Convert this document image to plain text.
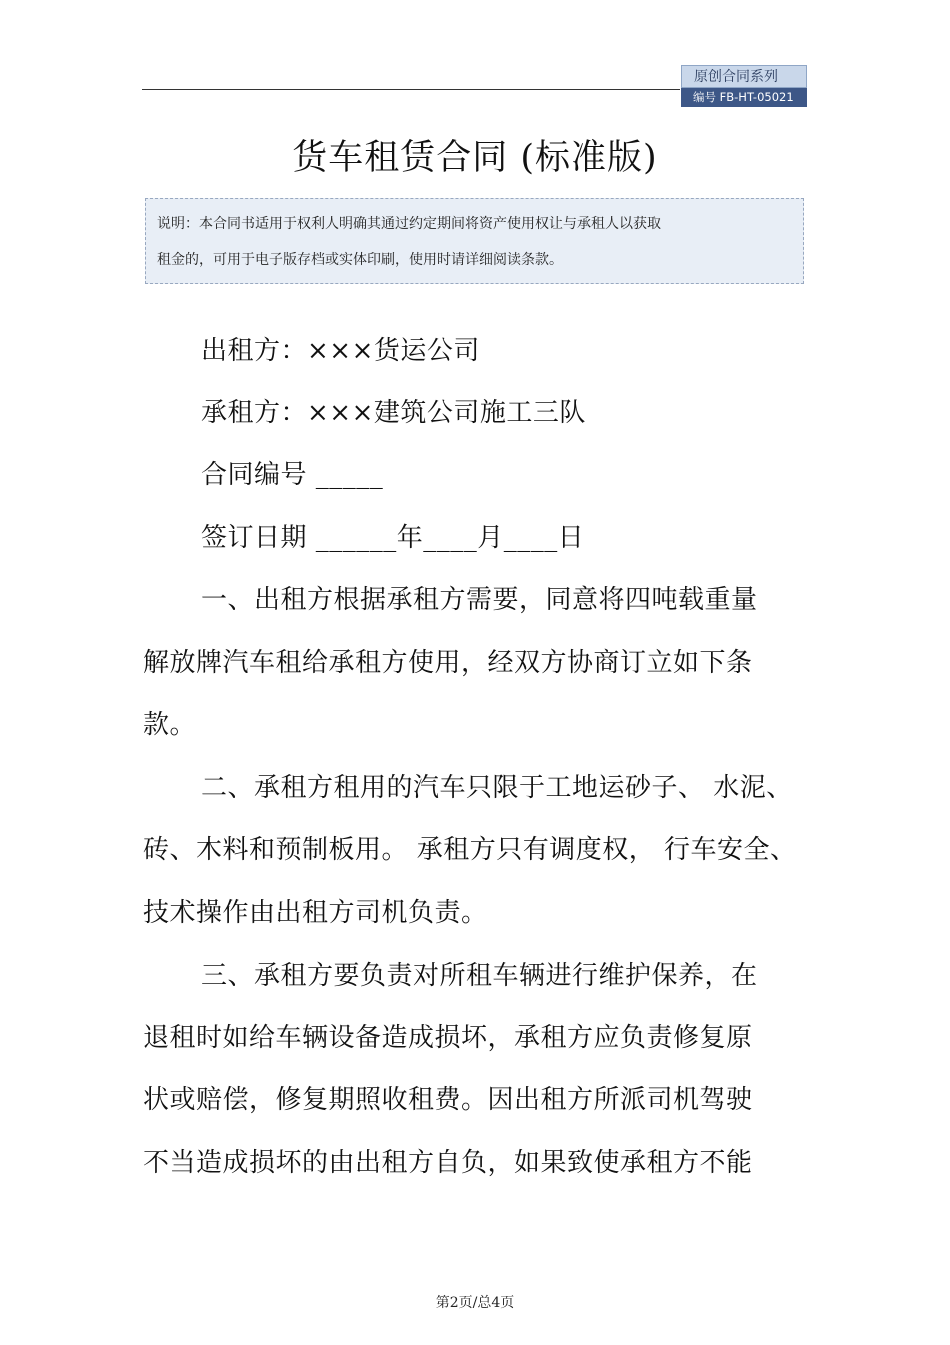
原创合同系列
编号 FB-HT-05021
货车租赁合同 (标准版)
说明：本合同书适用于权利人明确其通过约定期间将资产使用权让与承租人以获取
租金的，可用于电子版存档或实体印刷，使用时请详细阅读条款。
出租方：×××货运公司
承租方：×××建筑公司施工三队
合同编号 _____
签订日期 ______年____月____日
一、出租方根据承租方需要，同意将四吨载重量
解放牌汽车租给承租方使用，经双方协商订立如下条
款。
二、承租方租用的汽车只限于工地运砂子、 水泥、
砖、木料和预制板用。 承租方只有调度权， 行车安全、
技术操作由出租方司机负责。
三、承租方要负责对所租车辆进行维护保养，在
退租时如给车辆设备造成损坏，承租方应负责修复原
状或赔偿，修复期照收租费。因出租方所派司机驾驶
不当造成损坏的由出租方自负，如果致使承租方不能
第2页/总4页
